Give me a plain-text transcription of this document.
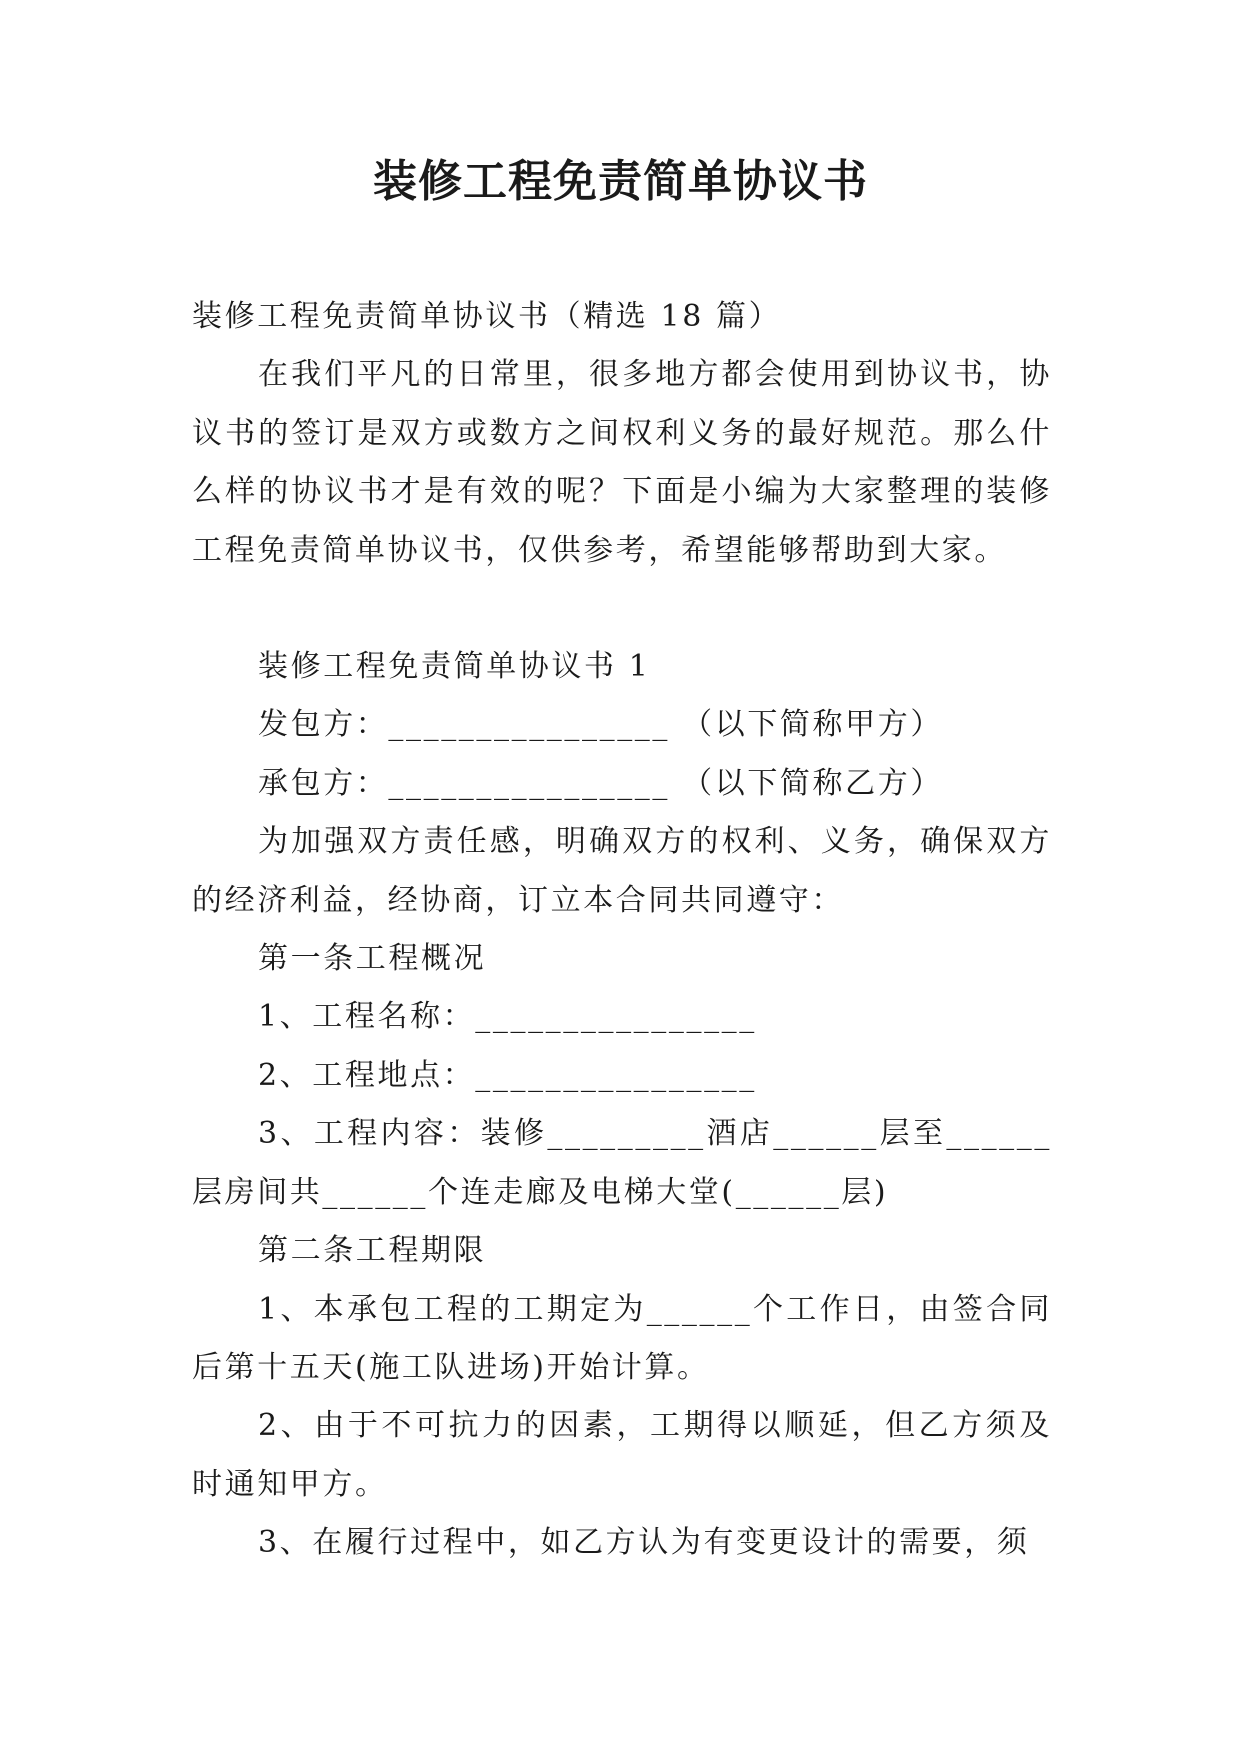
装修工程免责简单协议书

装修工程免责简单协议书（精选 18 篇）

在我们平凡的日常里，很多地方都会使用到协议书，协议书的签订是双方或数方之间权利义务的最好规范。那么什么样的协议书才是有效的呢？下面是小编为大家整理的装修工程免责简单协议书，仅供参考，希望能够帮助到大家。

装修工程免责简单协议书 1

发包方：________________ （以下简称甲方）

承包方：________________ （以下简称乙方）

为加强双方责任感，明确双方的权利、义务，确保双方的经济利益，经协商，订立本合同共同遵守：

第一条工程概况

1、工程名称：________________

2、工程地点：________________

3、工程内容：装修_________酒店______层至______层房间共______个连走廊及电梯大堂(______层)

第二条工程期限

1、本承包工程的工期定为______个工作日，由签合同后第十五天(施工队进场)开始计算。

2、由于不可抗力的因素，工期得以顺延，但乙方须及时通知甲方。

3、在履行过程中，如乙方认为有变更设计的需要，须
